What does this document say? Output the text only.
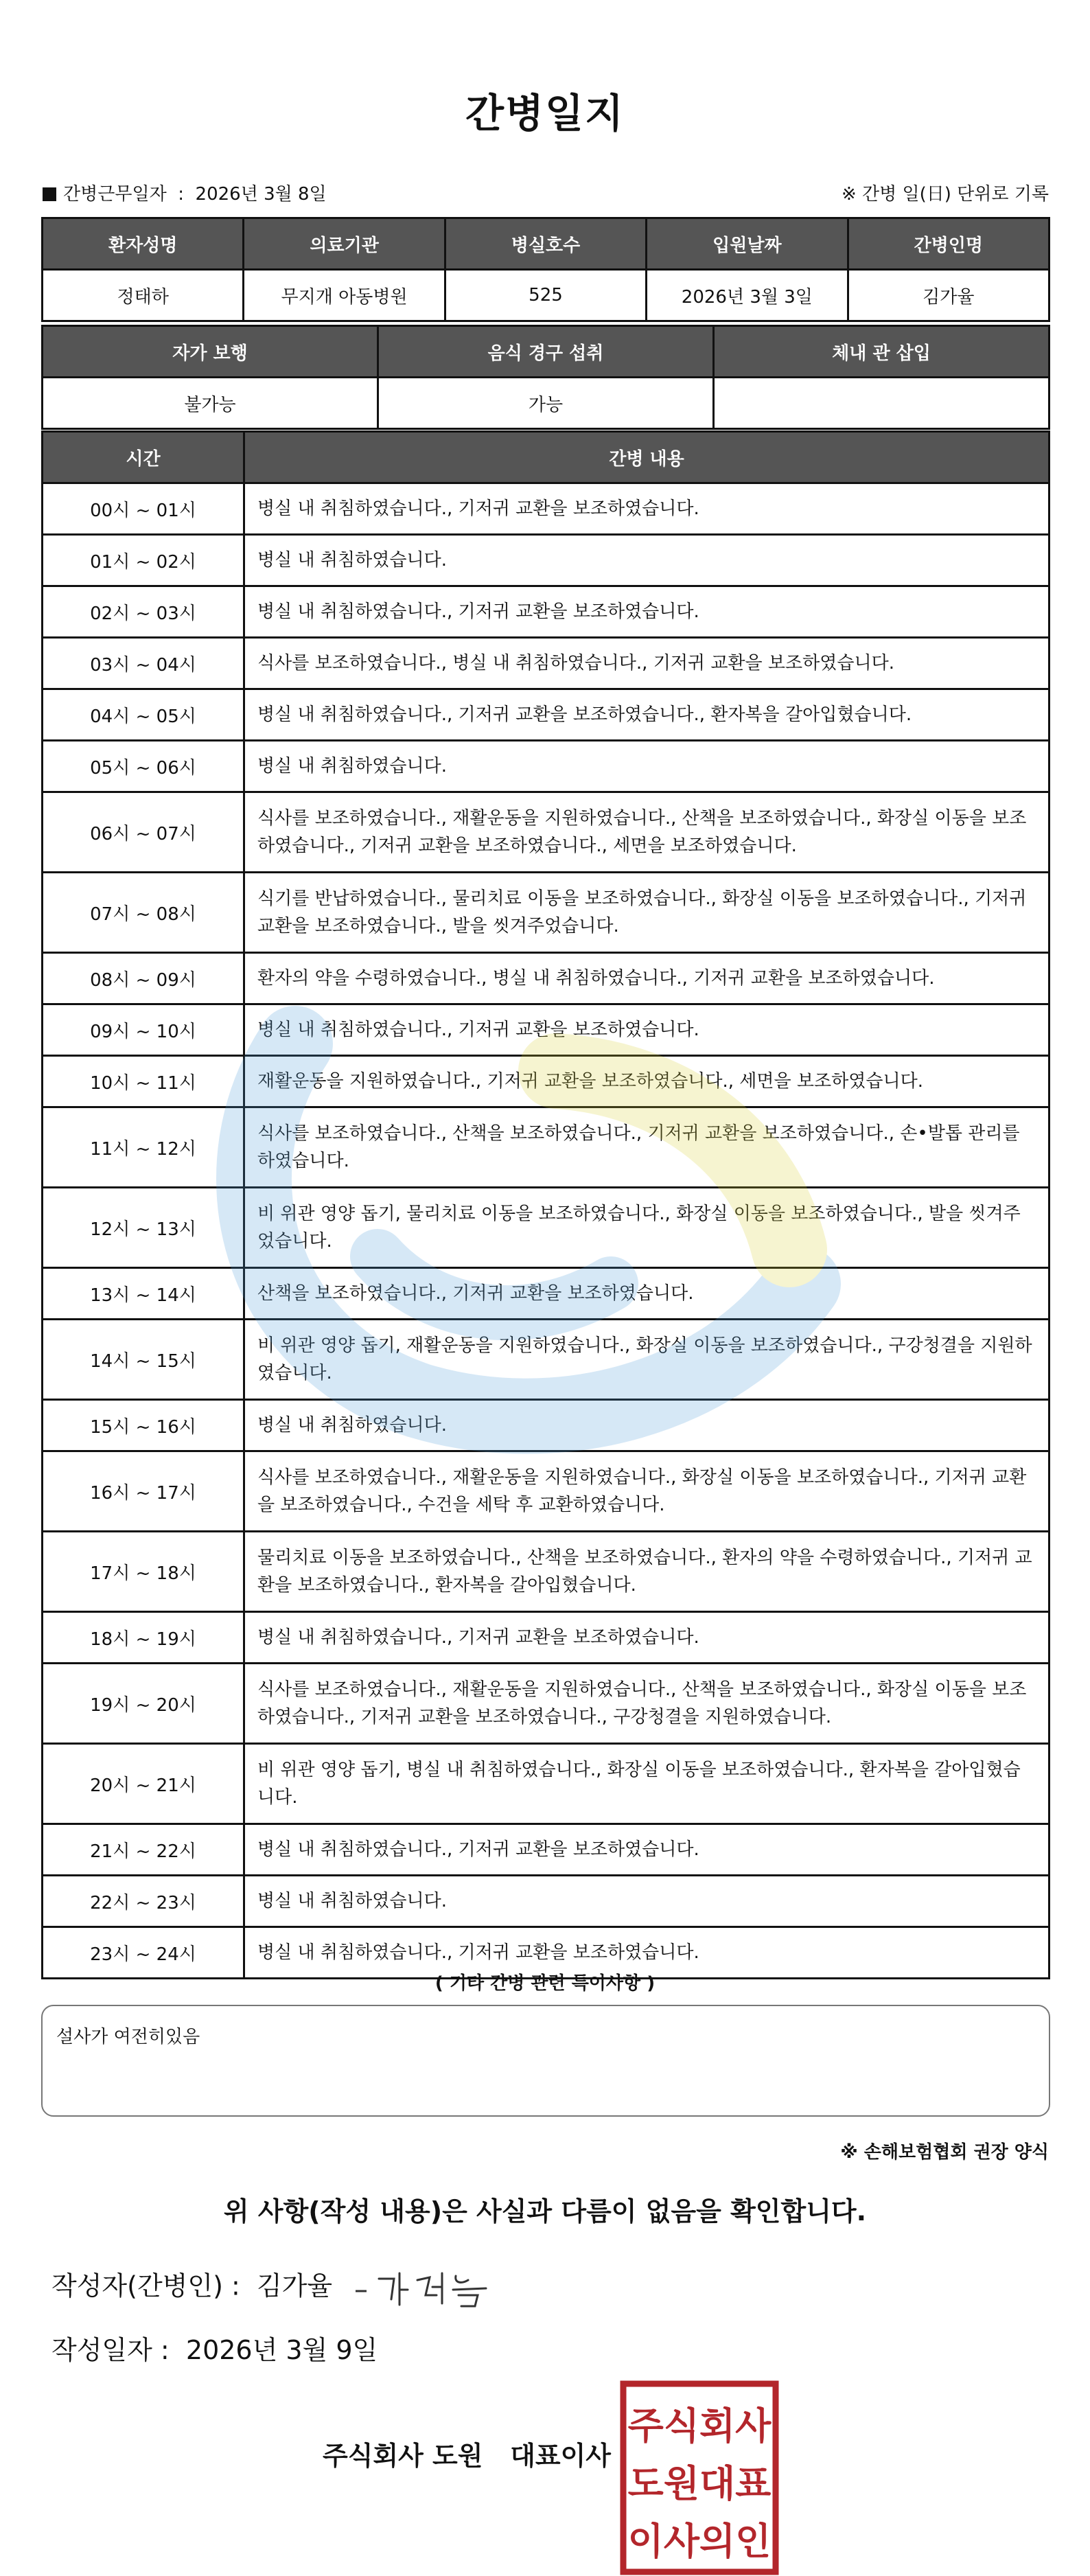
간병일지
간병근무일자 : 2026년 3월 8일	※ 간병 일(日) 단위로 기록
환자성명	의료기관	병실호수	입원날짜	간병인명
정태하	무지개 아동병원	525	2026년 3월 3일	김가율
자가 보행	음식 경구 섭취	체내 관 삽입
불가능	가능	
시간	간병 내용
00시 ~ 01시	병실 내 취침하였습니다., 기저귀 교환을 보조하였습니다.
01시 ~ 02시	병실 내 취침하였습니다.
02시 ~ 03시	병실 내 취침하였습니다., 기저귀 교환을 보조하였습니다.
03시 ~ 04시	식사를 보조하였습니다., 병실 내 취침하였습니다., 기저귀 교환을 보조하였습니다.
04시 ~ 05시	병실 내 취침하였습니다., 기저귀 교환을 보조하였습니다., 환자복을 갈아입혔습니다.
05시 ~ 06시	병실 내 취침하였습니다.
06시 ~ 07시	식사를 보조하였습니다., 재활운동을 지원하였습니다., 산책을 보조하였습니다., 화장실 이동을 보조하였습니다., 기저귀 교환을 보조하였습니다., 세면을 보조하였습니다.
07시 ~ 08시	식기를 반납하였습니다., 물리치료 이동을 보조하였습니다., 화장실 이동을 보조하였습니다., 기저귀 교환을 보조하였습니다., 발을 씻겨주었습니다.
08시 ~ 09시	환자의 약을 수령하였습니다., 병실 내 취침하였습니다., 기저귀 교환을 보조하였습니다.
09시 ~ 10시	병실 내 취침하였습니다., 기저귀 교환을 보조하였습니다.
10시 ~ 11시	재활운동을 지원하였습니다., 기저귀 교환을 보조하였습니다., 세면을 보조하였습니다.
11시 ~ 12시	식사를 보조하였습니다., 산책을 보조하였습니다., 기저귀 교환을 보조하였습니다., 손•발톱 관리를 하였습니다.
12시 ~ 13시	비 위관 영양 돕기, 물리치료 이동을 보조하였습니다., 화장실 이동을 보조하였습니다., 발을 씻겨주었습니다.
13시 ~ 14시	산책을 보조하였습니다., 기저귀 교환을 보조하였습니다.
14시 ~ 15시	비 위관 영양 돕기, 재활운동을 지원하였습니다., 화장실 이동을 보조하였습니다., 구강청결을 지원하였습니다.
15시 ~ 16시	병실 내 취침하였습니다.
16시 ~ 17시	식사를 보조하였습니다., 재활운동을 지원하였습니다., 화장실 이동을 보조하였습니다., 기저귀 교환을 보조하였습니다., 수건을 세탁 후 교환하였습니다.
17시 ~ 18시	물리치료 이동을 보조하였습니다., 산책을 보조하였습니다., 환자의 약을 수령하였습니다., 기저귀 교환을 보조하였습니다., 환자복을 갈아입혔습니다.
18시 ~ 19시	병실 내 취침하였습니다., 기저귀 교환을 보조하였습니다.
19시 ~ 20시	식사를 보조하였습니다., 재활운동을 지원하였습니다., 산책을 보조하였습니다., 화장실 이동을 보조하였습니다., 기저귀 교환을 보조하였습니다., 구강청결을 지원하였습니다.
20시 ~ 21시	비 위관 영양 돕기, 병실 내 취침하였습니다., 화장실 이동을 보조하였습니다., 환자복을 갈아입혔습니다.
21시 ~ 22시	병실 내 취침하였습니다., 기저귀 교환을 보조하였습니다.
22시 ~ 23시	병실 내 취침하였습니다.
23시 ~ 24시	병실 내 취침하였습니다., 기저귀 교환을 보조하였습니다.
( 기타 간병 관련 특이사항 )
설사가 여전히있음
※ 손해보험협회 권장 양식
위 사항(작성 내용)은 사실과 다름이 없음을 확인합니다.
작성자(간병인) : 김가율
작성일자 : 2026년 3월 9일
주식회사 도원 대표이사
주식회사
도원대표
이사의인
